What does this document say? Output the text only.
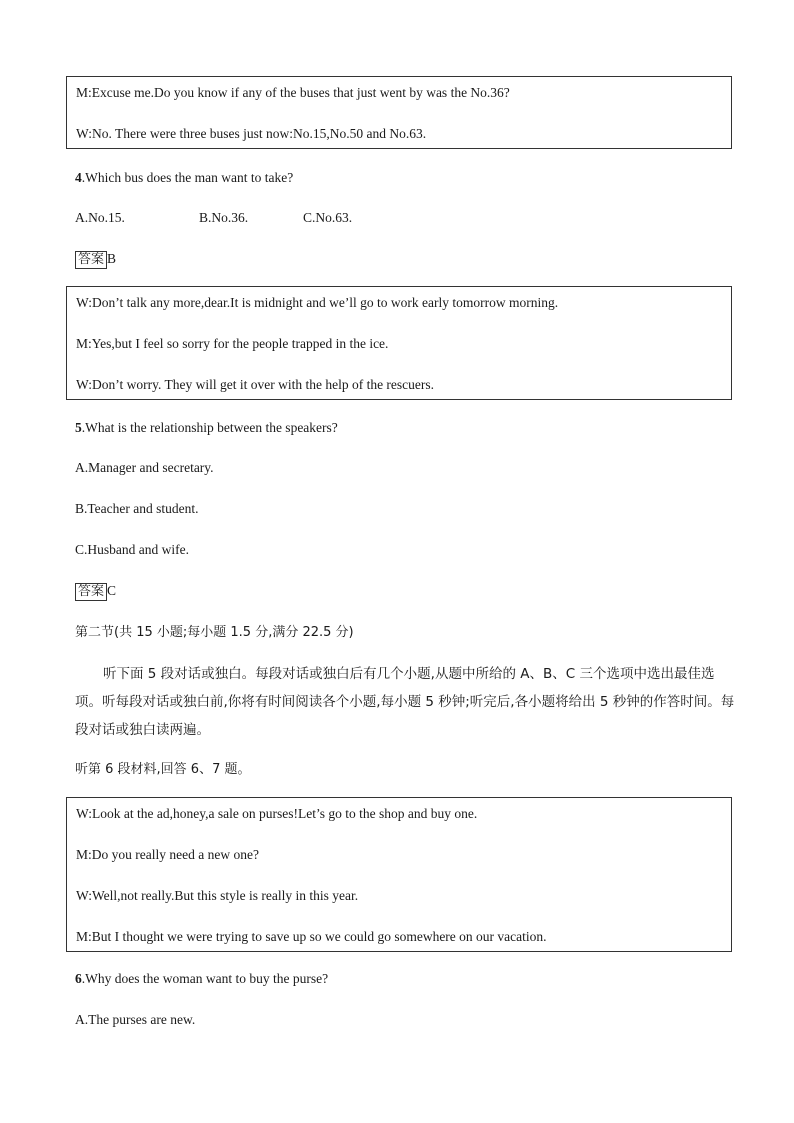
M:Excuse me.Do you know if any of the buses that just went by was the No.36?
W:No. There were three buses just now:No.15,No.50 and No.63.
4.Which bus does the man want to take?
A.No.15.	B.No.36.	C.No.63.
答案 B
W:Don’t talk any more,dear.It is midnight and we’ll go to work early tomorrow morning.
M:Yes,but I feel so sorry for the people trapped in the ice.
W:Don’t worry. They will get it over with the help of the rescuers.
5.What is the relationship between the speakers?
A.Manager and secretary.
B.Teacher and student.
C.Husband and wife.
答案 C
第二节(共 15 小题;每小题 1.5 分,满分 22.5 分)
听下面 5 段对话或独白。每段对话或独白后有几个小题,从题中所给的 A、B、C 三个选项中选出最佳选项。听每段对话或独白前,你将有时间阅读各个小题,每小题 5 秒钟;听完后,各小题将给出 5 秒钟的作答时间。每段对话或独白读两遍。
听第 6 段材料,回答 6、7 题。
W:Look at the ad,honey,a sale on purses!Let’s go to the shop and buy one.
M:Do you really need a new one?
W:Well,not really.But this style is really in this year.
M:But I thought we were trying to save up so we could go somewhere on our vacation.
6.Why does the woman want to buy the purse?
A.The purses are new.
